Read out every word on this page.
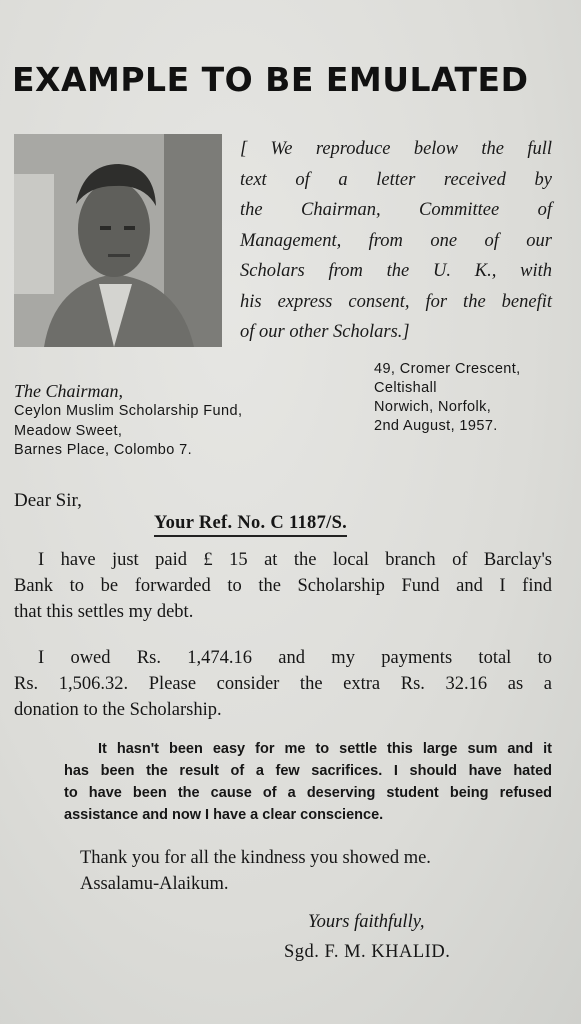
EXAMPLE TO BE EMULATED
[ We reproduce below the full
text of a letter received by
the Chairman, Committee of
Management, from one of our
Scholars from the U. K., with
his express consent, for the benefit
of our other Scholars.]
49, Cromer Crescent,
Celtishall
Norwich, Norfolk,
2nd August, 1957.
The Chairman,
Ceylon Muslim Scholarship Fund,
Meadow Sweet,
Barnes Place, Colombo 7.
Dear Sir,
Your Ref. No. C 1187/S.
I have just paid £ 15 at the local branch of Barclay's
Bank to be forwarded to the Scholarship Fund and I find
that this settles my debt.
I owed Rs. 1,474.16 and my payments total to
Rs. 1,506.32. Please consider the extra Rs. 32.16 as a
donation to the Scholarship.
It hasn't been easy for me to settle this large sum and it
has been the result of a few sacrifices. I should have hated
to have been the cause of a deserving student being refused
assistance and now I have a clear conscience.
Thank you for all the kindness you showed me.
Assalamu-Alaikum.
Yours faithfully,
Sgd. F. M. KHALID.
